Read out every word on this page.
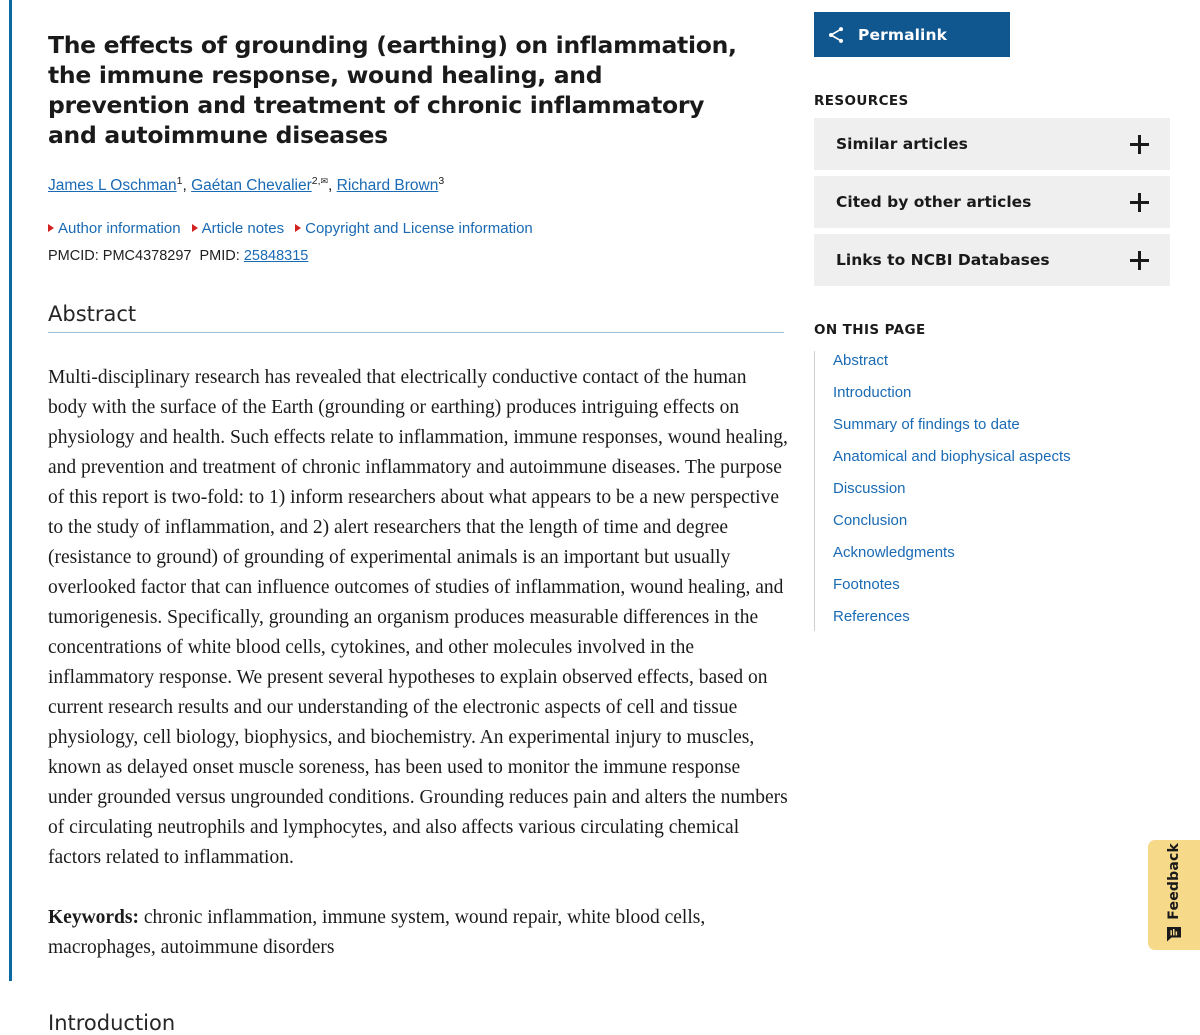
The effects of grounding (earthing) on inflammation, the immune response, wound healing, and prevention and treatment of chronic inflammatory and autoimmune diseases
James L Oschman$^1$, Gaétan Chevalier$^{2,}$✉, Richard Brown$^3$
Author information Article notes Copyright and License information
PMCID: PMC4378297 PMID: 25848315
Abstract

Multi-disciplinary research has revealed that electrically conductive contact of the human body with the surface of the Earth (grounding or earthing) produces intriguing effects on physiology and health. Such effects relate to inflammation, immune responses, wound healing, and prevention and treatment of chronic inflammatory and autoimmune diseases. The purpose of this report is two-fold: to 1) inform researchers about what appears to be a new perspective to the study of inflammation, and 2) alert researchers that the length of time and degree (resistance to ground) of grounding of experimental animals is an important but usually overlooked factor that can influence outcomes of studies of inflammation, wound healing, and tumorigenesis. Specifically, grounding an organism produces measurable differences in the concentrations of white blood cells, cytokines, and other molecules involved in the inflammatory response. We present several hypotheses to explain observed effects, based on current research results and our understanding of the electronic aspects of cell and tissue physiology, cell biology, biophysics, and biochemistry. An experimental injury to muscles, known as delayed onset muscle soreness, has been used to monitor the immune response under grounded versus ungrounded conditions. Grounding reduces pain and alters the numbers of circulating neutrophils and lymphocytes, and also affects various circulating chemical factors related to inflammation.

Keywords: chronic inflammation, immune system, wound repair, white blood cells, macrophages, autoimmune disorders

Introduction
Permalink
RESOURCES
Similar articles
Cited by other articles
Links to NCBI Databases
ON THIS PAGE
Abstract
Introduction
Summary of findings to date
Anatomical and biophysical aspects
Discussion
Conclusion
Acknowledgments
Footnotes
References
Feedback
